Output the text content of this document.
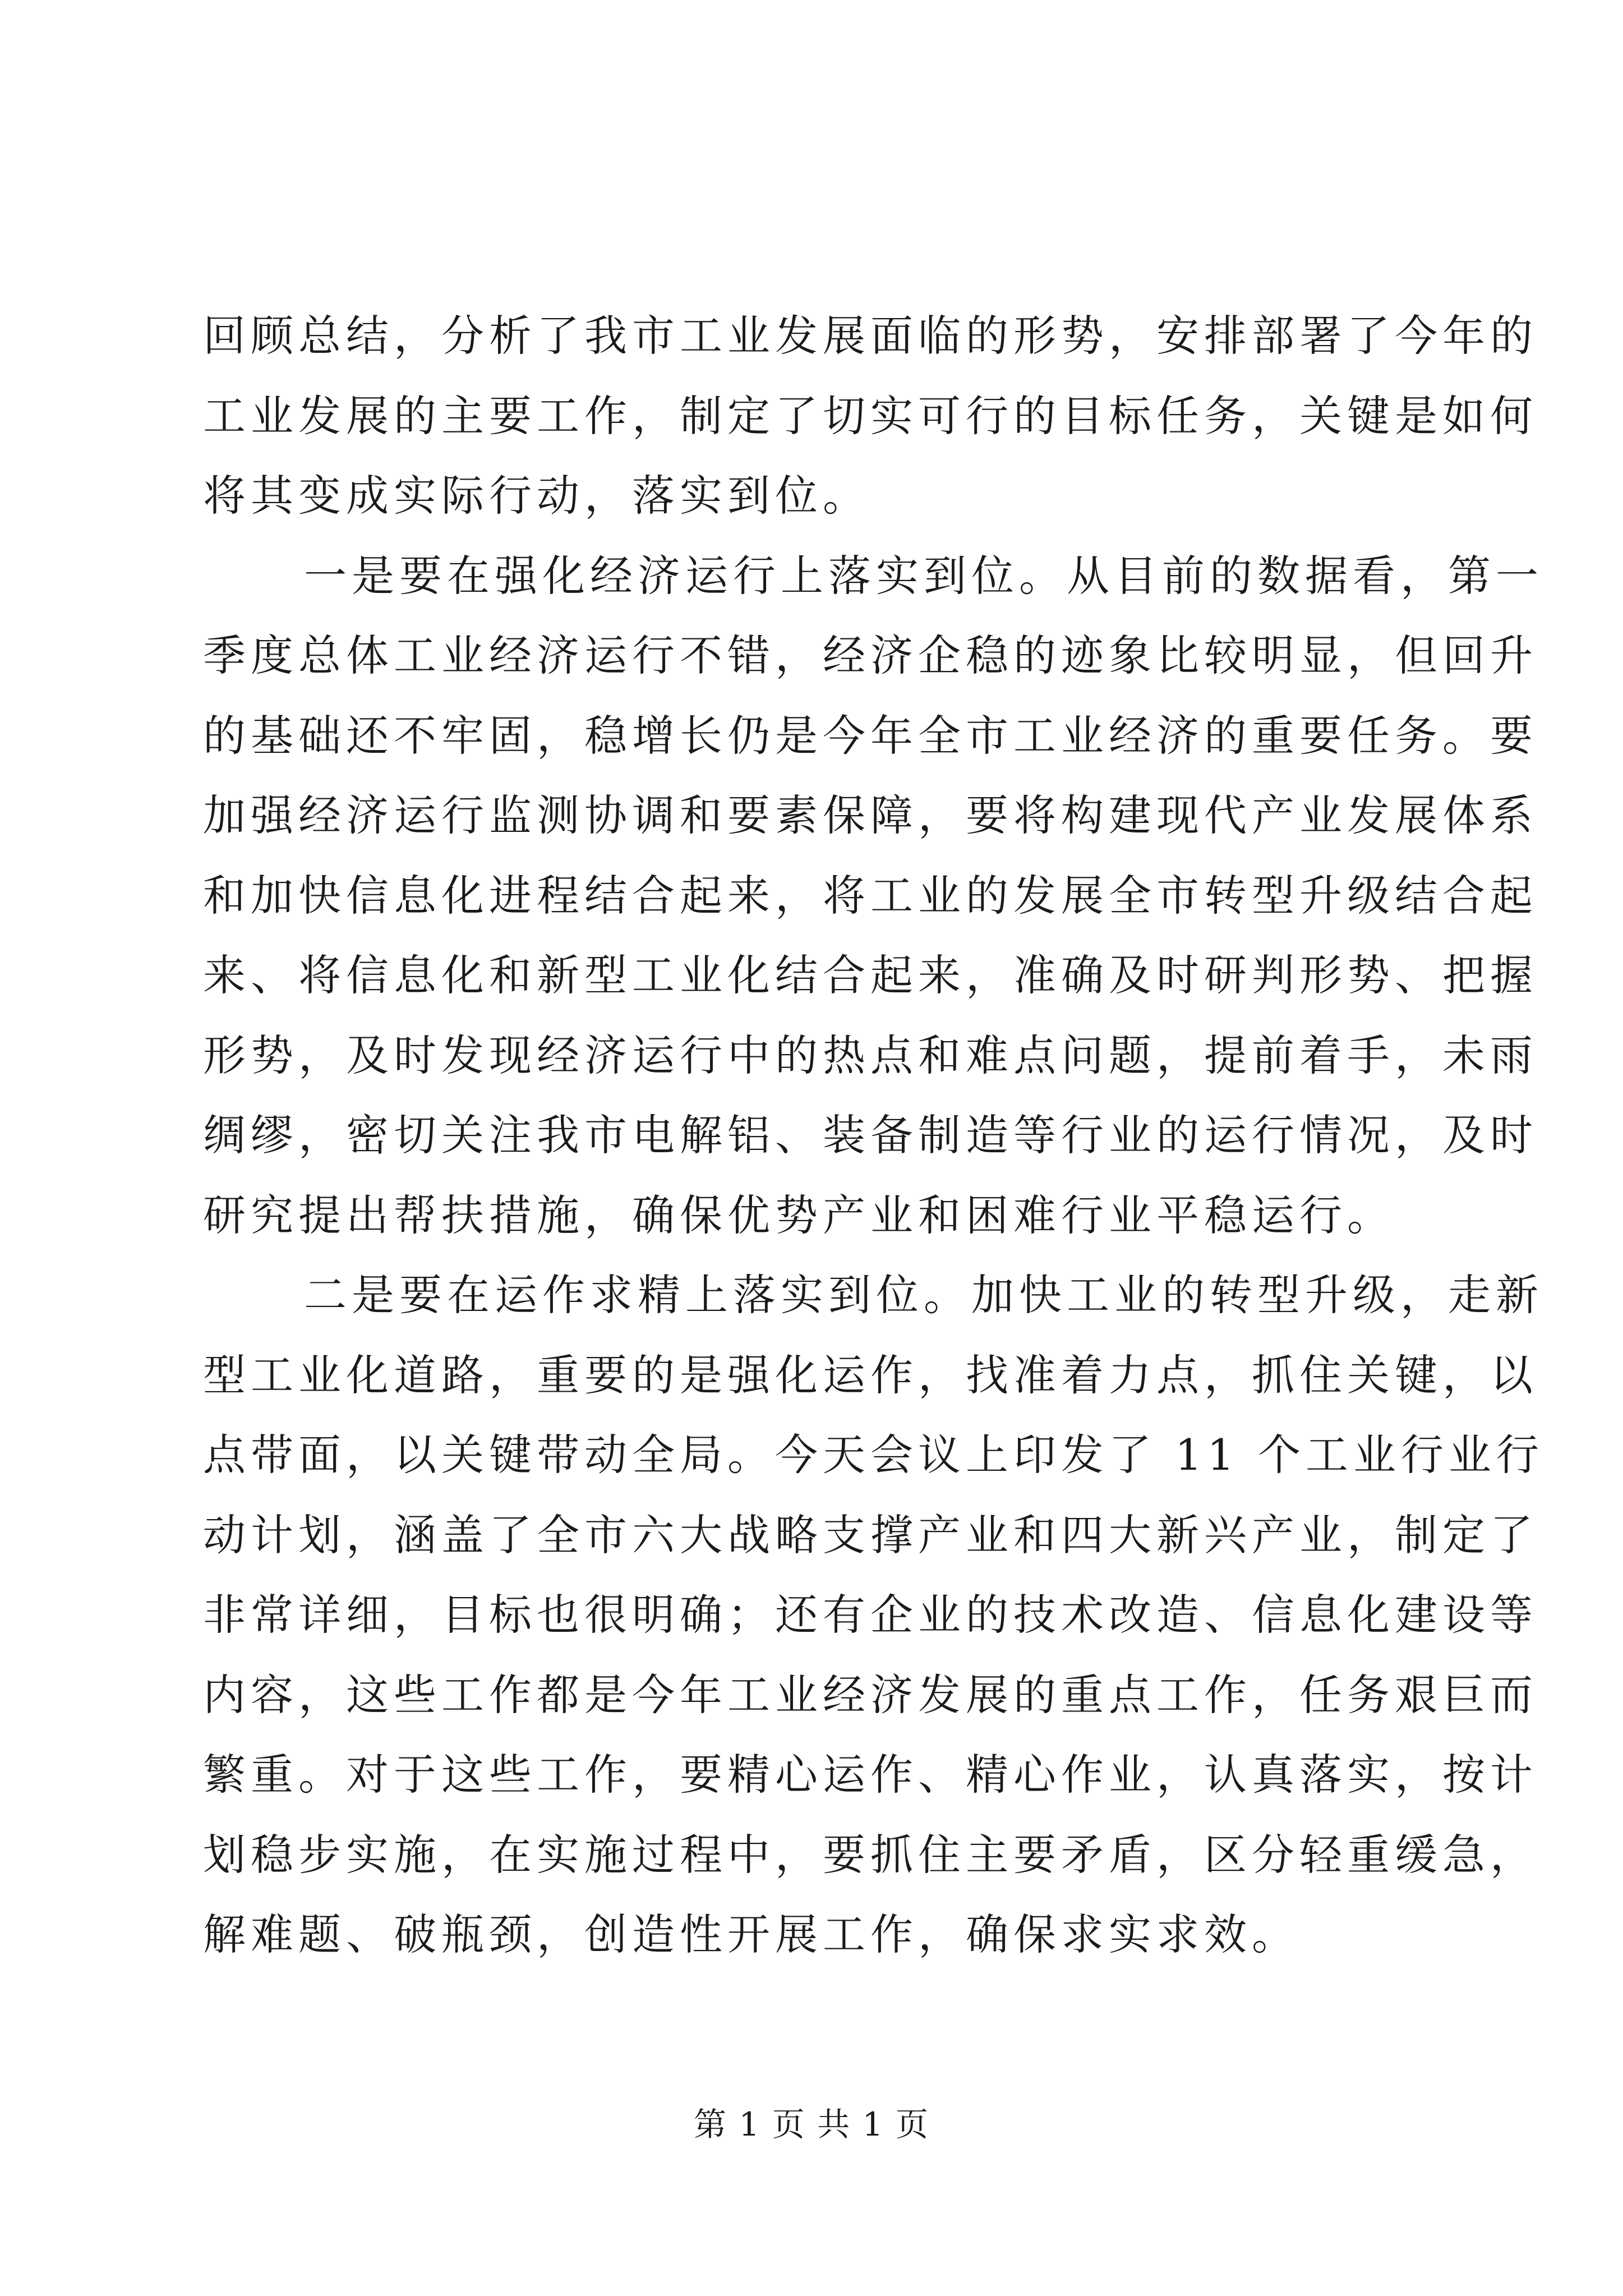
回顾总结，分析了我市工业发展面临的形势，安排部署了今年的
工业发展的主要工作，制定了切实可行的目标任务，关键是如何
将其变成实际行动，落实到位。
一是要在强化经济运行上落实到位。从目前的数据看，第一
季度总体工业经济运行不错，经济企稳的迹象比较明显，但回升
的基础还不牢固，稳增长仍是今年全市工业经济的重要任务。要
加强经济运行监测协调和要素保障，要将构建现代产业发展体系
和加快信息化进程结合起来，将工业的发展全市转型升级结合起
来、将信息化和新型工业化结合起来，准确及时研判形势、把握
形势，及时发现经济运行中的热点和难点问题，提前着手，未雨
绸缪，密切关注我市电解铝、装备制造等行业的运行情况，及时
研究提出帮扶措施，确保优势产业和困难行业平稳运行。
二是要在运作求精上落实到位。加快工业的转型升级，走新
型工业化道路，重要的是强化运作，找准着力点，抓住关键，以
点带面，以关键带动全局。今天会议上印发了 11 个工业行业行
动计划，涵盖了全市六大战略支撑产业和四大新兴产业，制定了
非常详细，目标也很明确；还有企业的技术改造、信息化建设等
内容，这些工作都是今年工业经济发展的重点工作，任务艰巨而
繁重。对于这些工作，要精心运作、精心作业，认真落实，按计
划稳步实施，在实施过程中，要抓住主要矛盾，区分轻重缓急，
解难题、破瓶颈，创造性开展工作，确保求实求效。
第 1 页 共 1 页
